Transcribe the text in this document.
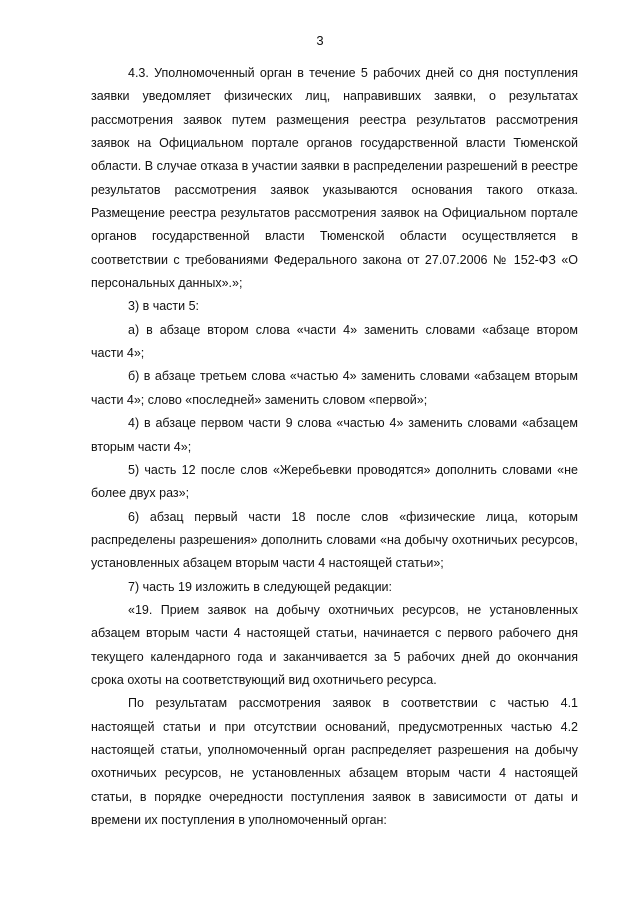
3

4.3. Уполномоченный орган в течение 5 рабочих дней со дня поступления заявки уведомляет физических лиц, направивших заявки, о результатах рассмотрения заявок путем размещения реестра результатов рассмотрения заявок на Официальном портале органов государственной власти Тюменской области. В случае отказа в участии заявки в распределении разрешений в реестре результатов рассмотрения заявок указываются основания такого отказа. Размещение реестра результатов рассмотрения заявок на Официальном портале органов государственной власти Тюменской области осуществляется в соответствии с требованиями Федерального закона от 27.07.2006 № 152-ФЗ «О персональных данных».»;

3) в части 5:

а) в абзаце втором слова «части 4» заменить словами «абзаце втором части 4»;

б) в абзаце третьем слова «частью 4» заменить словами «абзацем вторым части 4»; слово «последней» заменить словом «первой»;

4) в абзаце первом части 9 слова «частью 4» заменить словами «абзацем вторым части 4»;

5) часть 12 после слов «Жеребьевки проводятся» дополнить словами «не более двух раз»;

6) абзац первый части 18 после слов «физические лица, которым распределены разрешения» дополнить словами «на добычу охотничьих ресурсов, установленных абзацем вторым части 4 настоящей статьи»;

7) часть 19 изложить в следующей редакции:

«19. Прием заявок на добычу охотничьих ресурсов, не установленных абзацем вторым части 4 настоящей статьи, начинается с первого рабочего дня текущего календарного года и заканчивается за 5 рабочих дней до окончания срока охоты на соответствующий вид охотничьего ресурса.

По результатам рассмотрения заявок в соответствии с частью 4.1 настоящей статьи и при отсутствии оснований, предусмотренных частью 4.2 настоящей статьи, уполномоченный орган распределяет разрешения на добычу охотничьих ресурсов, не установленных абзацем вторым части 4 настоящей статьи, в порядке очередности поступления заявок в зависимости от даты и времени их поступления в уполномоченный орган:
